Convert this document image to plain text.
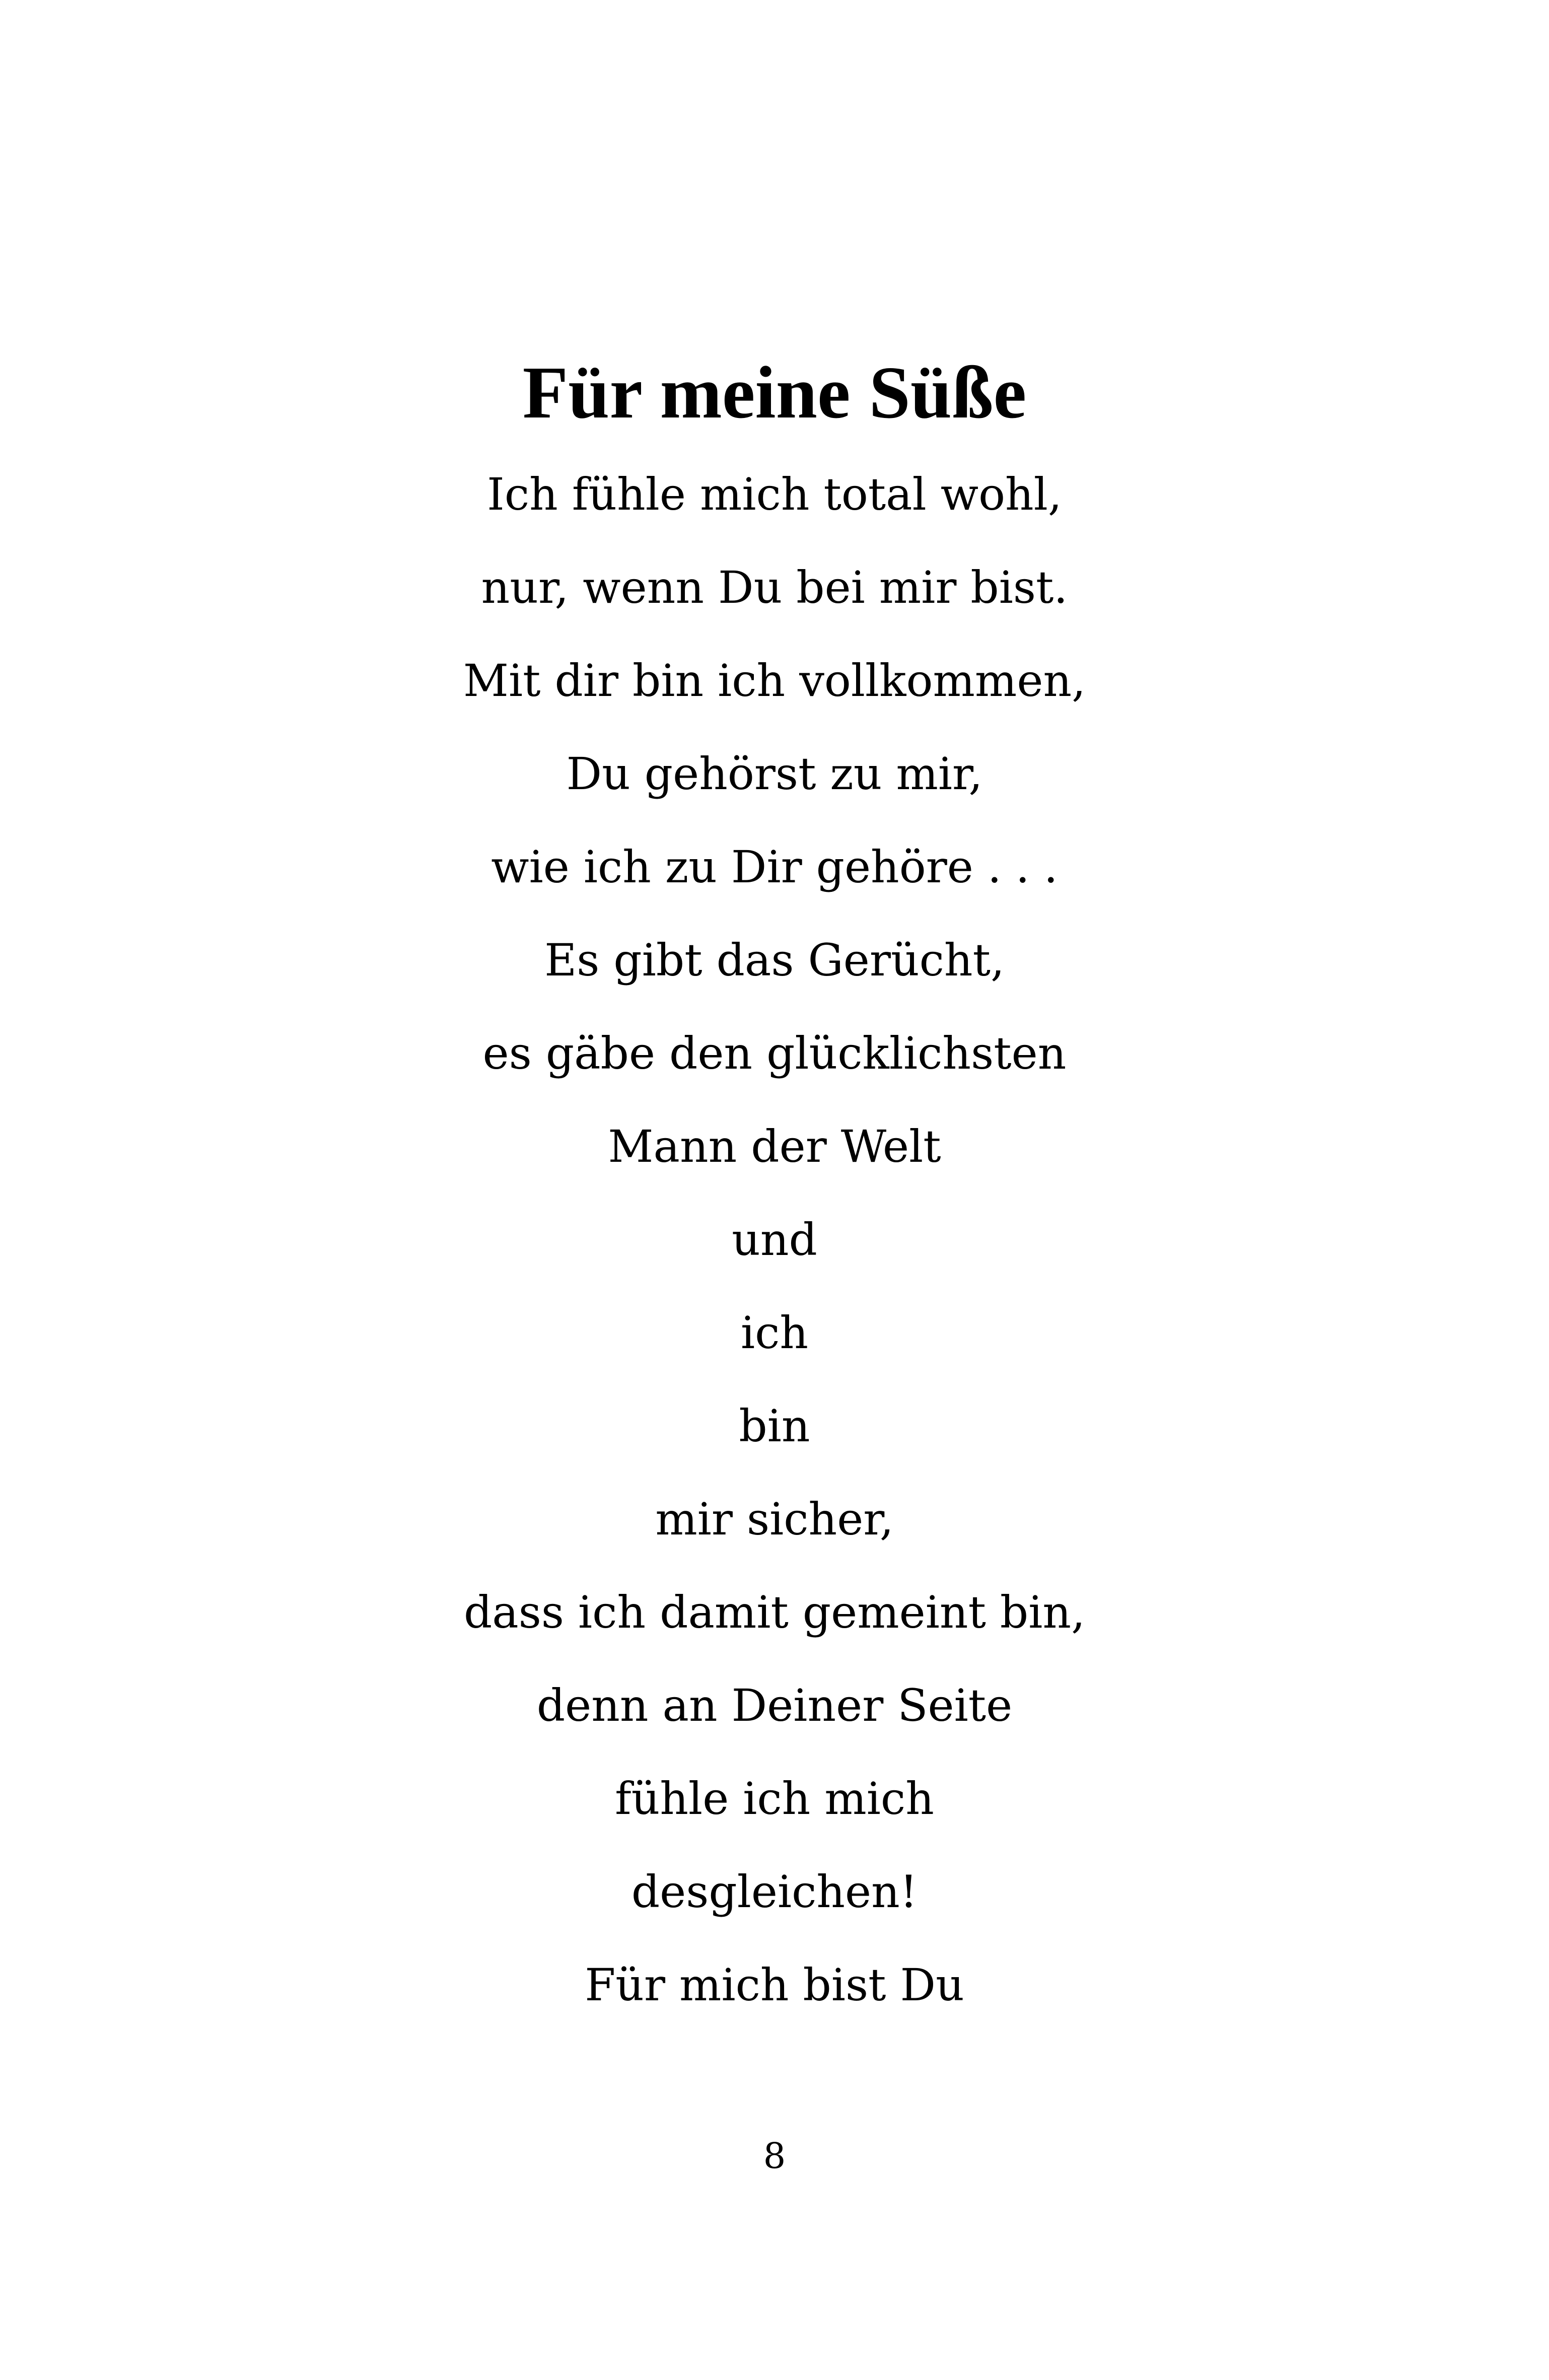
Für meine Süße
Ich fühle mich total wohl,
nur, wenn Du bei mir bist.
Mit dir bin ich vollkommen,
Du gehörst zu mir,
wie ich zu Dir gehöre . . .
Es gibt das Gerücht,
es gäbe den glücklichsten
Mann der Welt
und
ich
bin
mir sicher,
dass ich damit gemeint bin,
denn an Deiner Seite
fühle ich mich
desgleichen!
Für mich bist Du
8
